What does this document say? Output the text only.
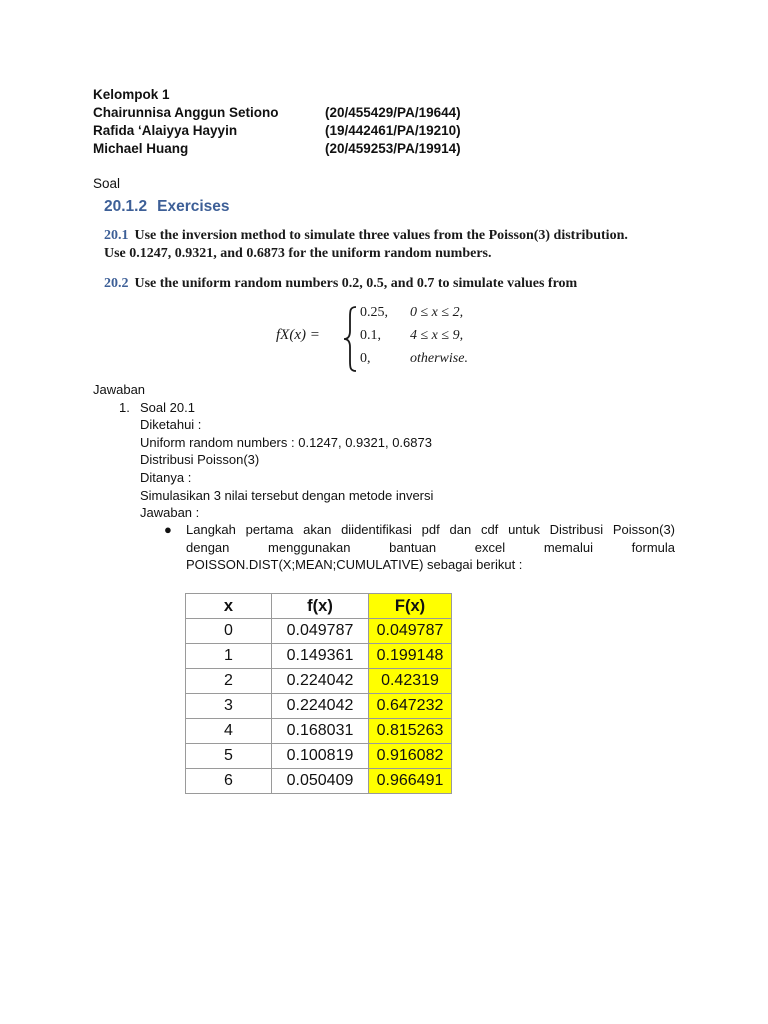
Kelompok 1
Chairunnisa Anggun Setiono	(20/455429/PA/19644)
Rafida ‘Alaiyya Hayyin	(19/442461/PA/19210)
Michael Huang	(20/459253/PA/19914)
Soal
20.1.2 Exercises
20.1 Use the inversion method to simulate three values from the Poisson(3) distribution.
Use 0.1247, 0.9321, and 0.6873 for the uniform random numbers.
20.2 Use the uniform random numbers 0.2, 0.5, and 0.7 to simulate values from
fX(x) =
0.25, 0 ≤ x ≤ 2,
0.1, 4 ≤ x ≤ 9,
0,	otherwise.
Jawaban
1. Soal 20.1
Diketahui :
Uniform random numbers : 0.1247, 0.9321, 0.6873
Distribusi Poisson(3)
Ditanya :
Simulasikan 3 nilai tersebut dengan metode inversi
Jawaban :
● Langkah pertama akan diidentifikasi pdf dan cdf untuk Distribusi Poisson(3)
dengan menggunakan bantuan excel memalui formula
POISSON.DIST(X;MEAN;CUMULATIVE) sebagai berikut :
x	f(x)	F(x)
0	0.049787	0.049787
1	0.149361	0.199148
2	0.224042	0.42319
3	0.224042	0.647232
4	0.168031	0.815263
5	0.100819	0.916082
6	0.050409	0.966491
